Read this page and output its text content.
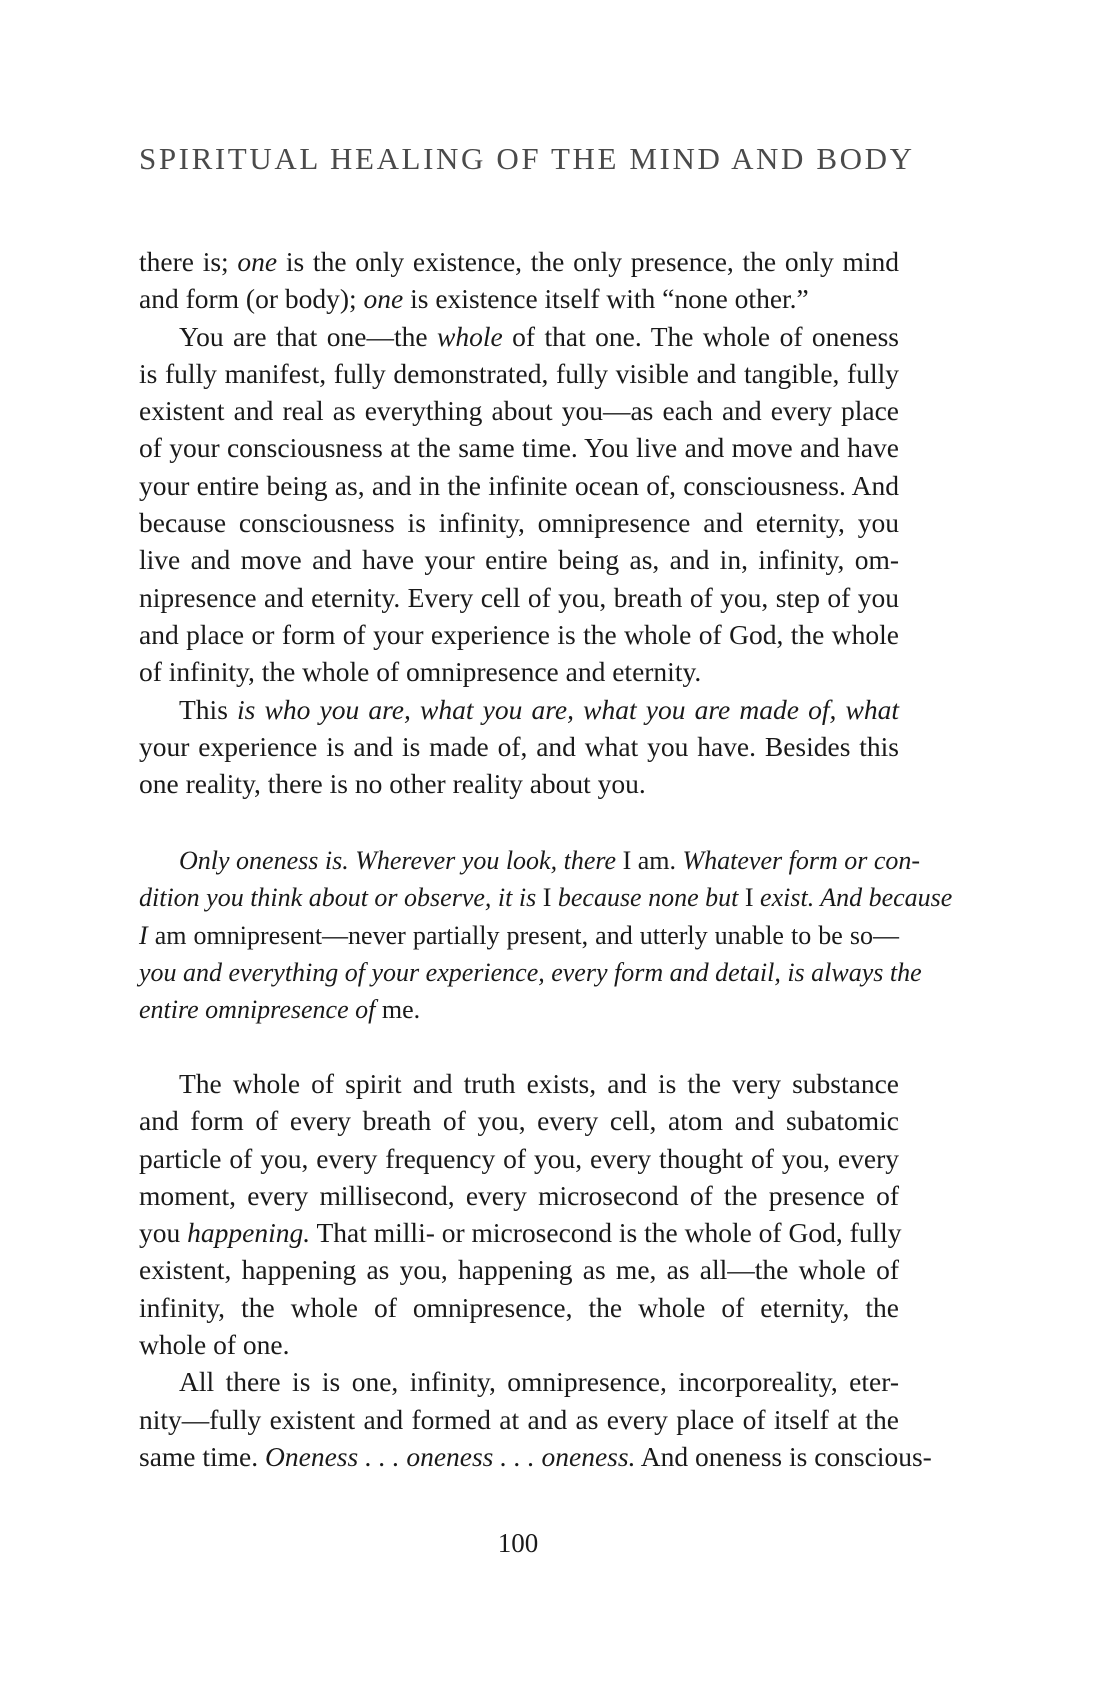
SPIRITUAL HEALING OF THE MIND AND BODY
there is; one is the only existence, the only presence, the only mind
and form (or body); one is existence itself with “none other.”
You are that one—the whole of that one. The whole of oneness
is fully manifest, fully demonstrated, fully visible and tangible, fully
existent and real as everything about you—as each and every place
of your consciousness at the same time. You live and move and have
your entire being as, and in the infinite ocean of, consciousness. And
because consciousness is infinity, omnipresence and eternity, you
live and move and have your entire being as, and in, infinity, om-
nipresence and eternity. Every cell of you, breath of you, step of you
and place or form of your experience is the whole of God, the whole
of infinity, the whole of omnipresence and eternity.
This is who you are, what you are, what you are made of, what
your experience is and is made of, and what you have. Besides this
one reality, there is no other reality about you.
Only oneness is. Wherever you look, there I am. Whatever form or con-
dition you think about or observe, it is I because none but I exist. And because
I am omnipresent—never partially present, and utterly unable to be so—
you and everything of your experience, every form and detail, is always the
entire omnipresence of me.
The whole of spirit and truth exists, and is the very substance
and form of every breath of you, every cell, atom and subatomic
particle of you, every frequency of you, every thought of you, every
moment, every millisecond, every microsecond of the presence of
you happening. That milli- or microsecond is the whole of God, fully
existent, happening as you, happening as me, as all—the whole of
infinity, the whole of omnipresence, the whole of eternity, the
whole of one.
All there is is one, infinity, omnipresence, incorporeality, eter-
nity—fully existent and formed at and as every place of itself at the
same time. Oneness . . . oneness . . . oneness. And oneness is conscious-
100
